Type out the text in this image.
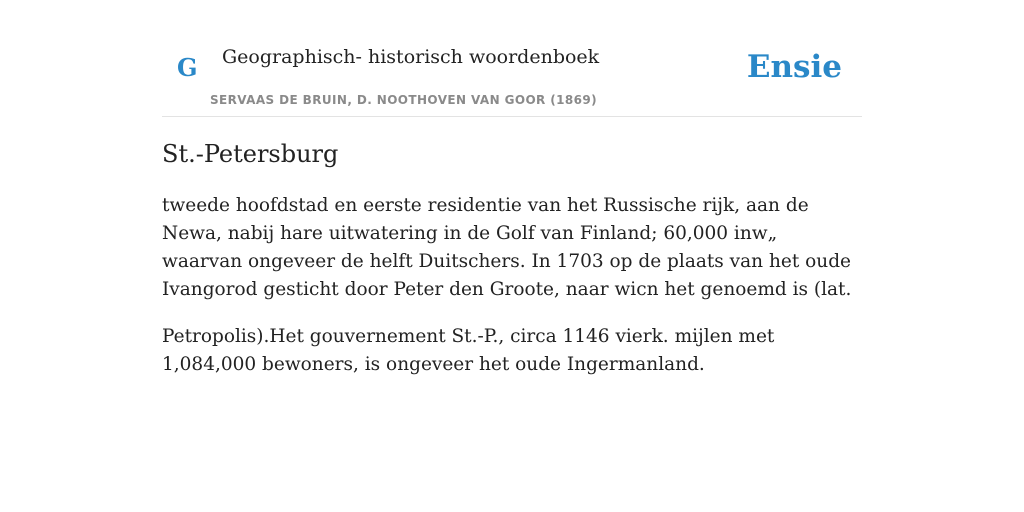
G Geographisch- historisch woordenboek
SERVAAS DE BRUIN, D. NOOTHOVEN VAN GOOR (1869)
Ensie
St.-Petersburg

tweede hoofdstad en eerste residentie van het Russische rijk, aan de Newa, nabij hare uitwatering in de Golf van Finland; 60,000 inw„ waarvan ongeveer de helft Duitschers. In 1703 op de plaats van het oude Ivangorod gesticht door Peter den Groote, naar wicn het genoemd is (lat.

Petropolis).Het gouvernement St.-P., circa 1146 vierk. mijlen met 1,084,000 bewoners, is ongeveer het oude Ingermanland.
